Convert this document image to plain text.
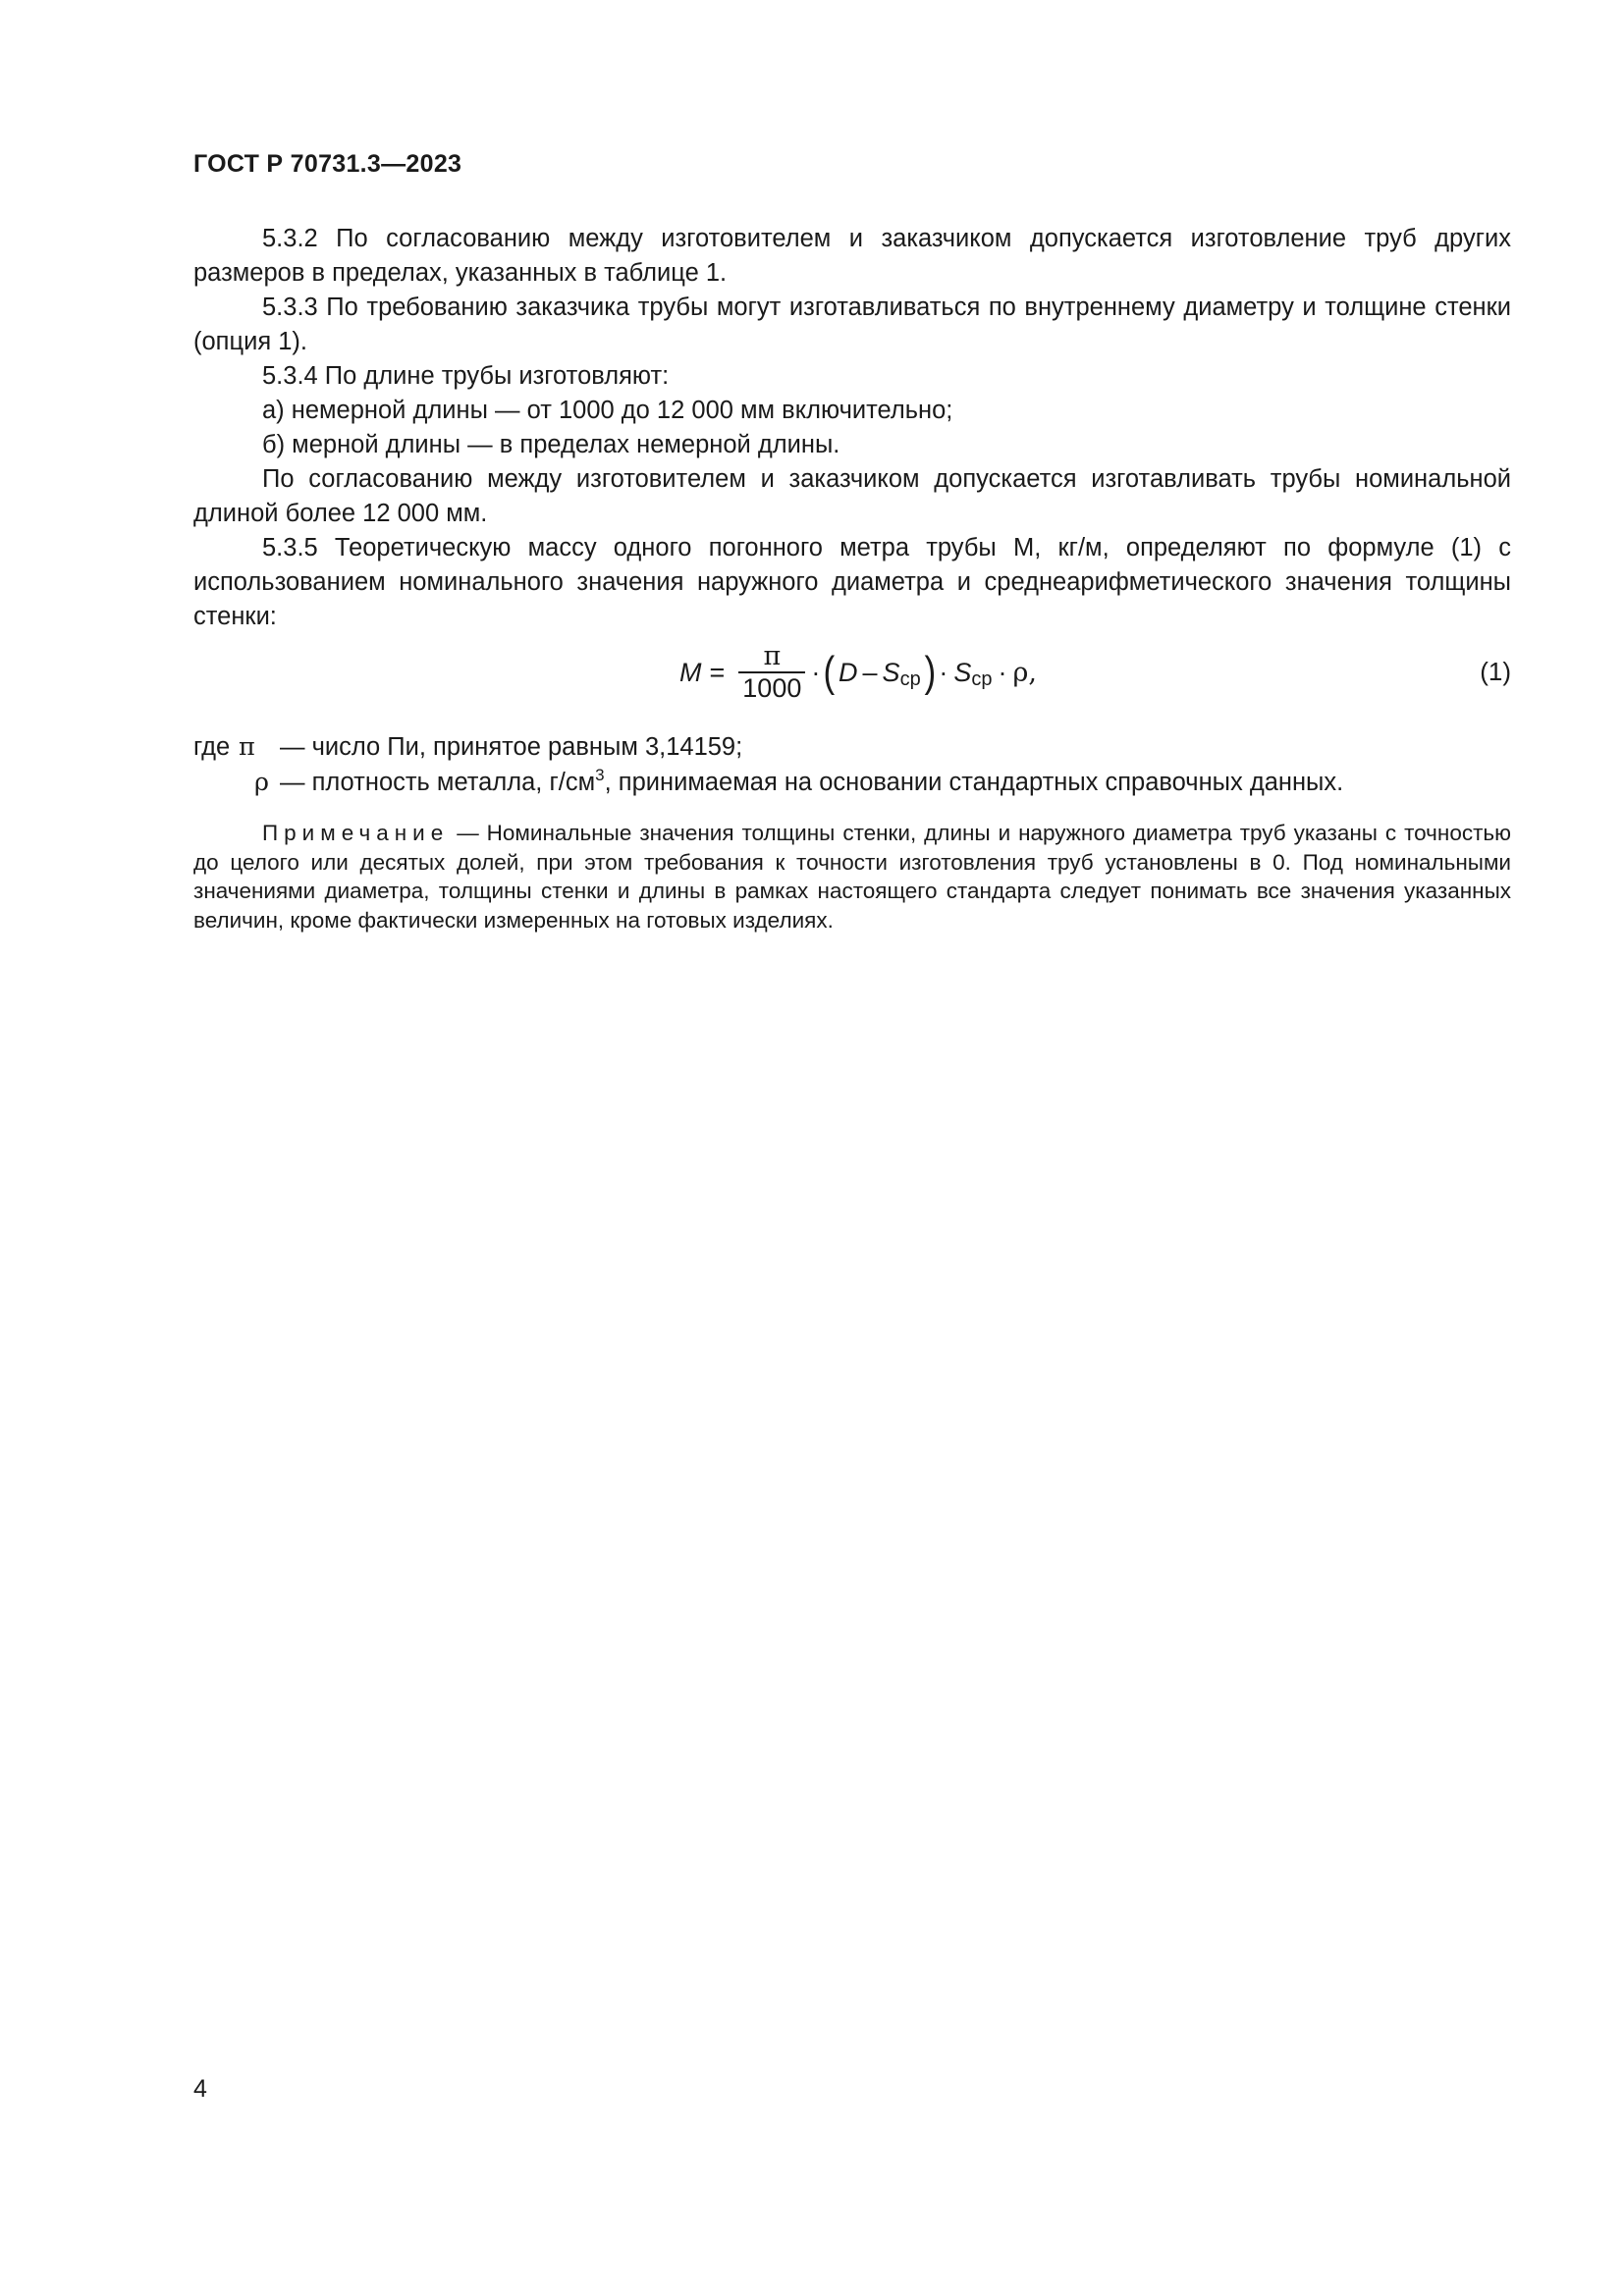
ГОСТ Р 70731.3—2023
5.3.2 По согласованию между изготовителем и заказчиком допускается изготовление труб других размеров в пределах, указанных в таблице 1.
5.3.3 По требованию заказчика трубы могут изготавливаться по внутреннему диаметру и толщине стенки (опция 1).
5.3.4 По длине трубы изготовляют:
а) немерной длины — от 1000 до 12 000 мм включительно;
б) мерной длины — в пределах немерной длины.
По согласованию между изготовителем и заказчиком допускается изготавливать трубы номинальной длиной более 12 000 мм.
5.3.5 Теоретическую массу одного погонного метра трубы М, кг/м, определяют по формуле (1) с использованием номинального значения наружного диаметра и среднеарифметического значения толщины стенки:
$M = \frac{\pi}{1000}$ · ( D – S ср ) · S ср · ρ,	(1)
где π — число Пи, принятое равным 3,14159;
ρ — плотность металла, $г/см^3$, принимаемая на основании стандартных справочных данных.
Примечание — Номинальные значения толщины стенки, длины и наружного диаметра труб указаны с точностью до целого или десятых долей, при этом требования к точности изготовления труб установлены в 0. Под номинальными значениями диаметра, толщины стенки и длины в рамках настоящего стандарта следует понимать все значения указанных величин, кроме фактически измеренных на готовых изделиях.
4
